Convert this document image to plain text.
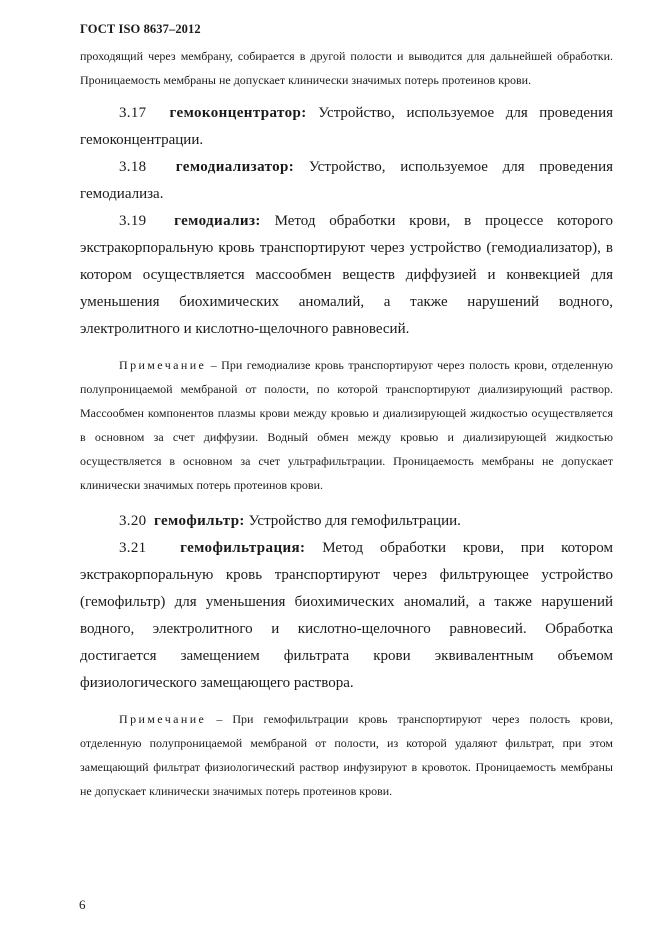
ГОСТ ISO 8637–2012

проходящий через мембрану, собирается в другой полости и выводится для дальнейшей обработки. Проницаемость мембраны не допускает клинически значимых потерь протеинов крови.

3.17 гемоконцентратор: Устройство, используемое для проведения гемоконцентрации.

3.18 гемодиализатор: Устройство, используемое для проведения гемодиализа.

3.19 гемодиализ: Метод обработки крови, в процессе которого экстракорпоральную кровь транспортируют через устройство (гемодиализатор), в котором осуществляется массообмен веществ диффузией и конвекцией для уменьшения биохимических аномалий, а также нарушений водного, электролитного и кислотно-щелочного равновесий.

Примечание – При гемодиализе кровь транспортируют через полость крови, отделенную полупроницаемой мембраной от полости, по которой транспортируют диализирующий раствор. Массообмен компонентов плазмы крови между кровью и диализирующей жидкостью осуществляется в основном за счет диффузии. Водный обмен между кровью и диализирующей жидкостью осуществляется в основном за счет ультрафильтрации. Проницаемость мембраны не допускает клинически значимых потерь протеинов крови.

3.20 гемофильтр: Устройство для гемофильтрации.

3.21 гемофильтрация: Метод обработки крови, при котором экстракорпоральную кровь транспортируют через фильтрующее устройство (гемофильтр) для уменьшения биохимических аномалий, а также нарушений водного, электролитного и кислотно-щелочного равновесий. Обработка достигается замещением фильтрата крови эквивалентным объемом физиологического замещающего раствора.

Примечание – При гемофильтрации кровь транспортируют через полость крови, отделенную полупроницаемой мембраной от полости, из которой удаляют фильтрат, при этом замещающий фильтрат физиологический раствор инфузируют в кровоток. Проницаемость мембраны не допускает клинически значимых потерь протеинов крови.

6
